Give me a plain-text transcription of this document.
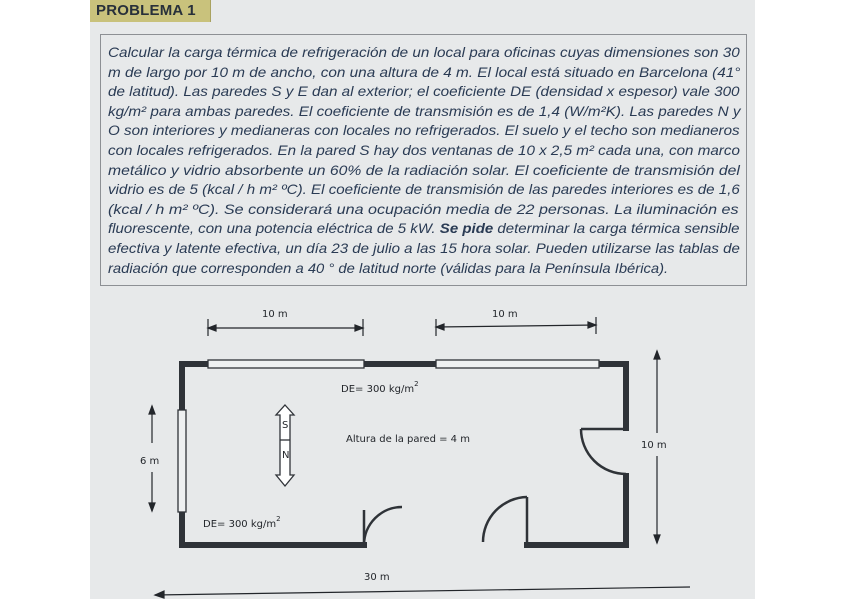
PROBLEMA 1
Calcular la carga térmica de refrigeración de un local para oficinas cuyas dimensiones son 30
m de largo por 10 m de ancho, con una altura de 4 m. El local está situado en Barcelona (41°
de latitud). Las paredes S y E dan al exterior; el coeficiente DE (densidad x espesor) vale 300
kg/m² para ambas paredes. El coeficiente de transmisión es de 1,4 (W/m²K). Las paredes N y
O son interiores y medianeras con locales no refrigerados. El suelo y el techo son medianeros
con locales refrigerados. En la pared S hay dos ventanas de 10 x 2,5 m² cada una, con marco
metálico y vidrio absorbente un 60% de la radiación solar. El coeficiente de transmisión del
vidrio es de 5 (kcal / h m² ºC). El coeficiente de transmisión de las paredes interiores es de 1,6
(kcal / h m² ºC). Se considerará una ocupación media de 22 personas. La iluminación es
fluorescente, con una potencia eléctrica de 5 kW. Se pide determinar la carga térmica sensible
efectiva y latente efectiva, un día 23 de julio a las 15 hora solar. Pueden utilizarse las tablas de
radiación que corresponden a 40 ° de latitud norte (válidas para la Península Ibérica).
10 m	10 m
S
N
DE= 300 $kg/m^2$
Altura de la pared = 4 m
DE= 300 $kg/m^2$
6 m
10 m
30 m
